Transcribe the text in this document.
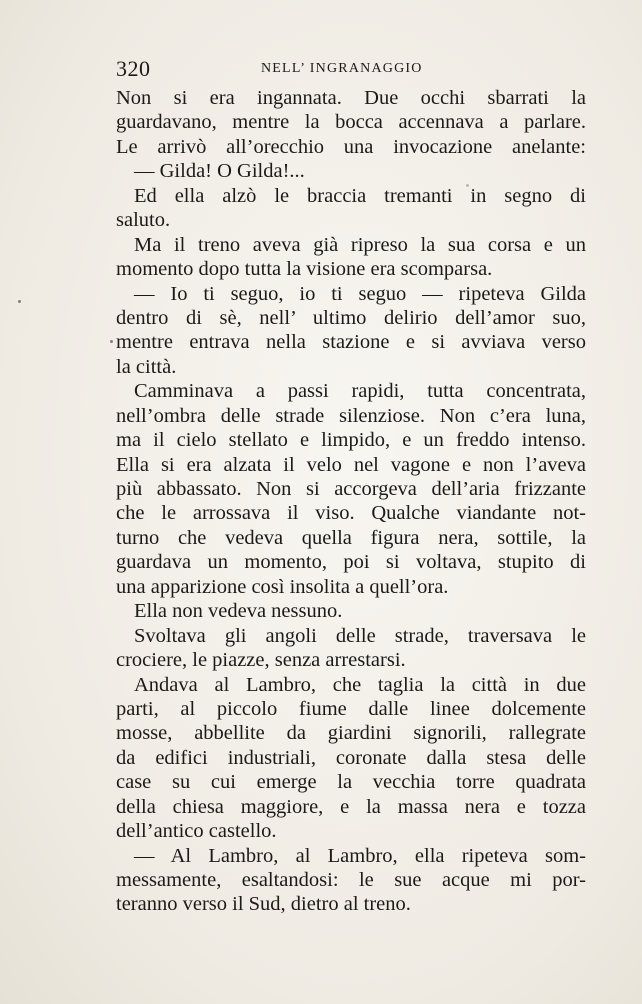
320	NELL’ INGRANAGGIO
Non si era ingannata. Due occhi sbarrati la
guardavano, mentre la bocca accennava a parlare.
Le arrivò all’orecchio una invocazione anelante:
— Gilda! O Gilda!...
Ed ella alzò le braccia tremanti in segno di
saluto.
Ma il treno aveva già ripreso la sua corsa e un
momento dopo tutta la visione era scomparsa.
— Io ti seguo, io ti seguo — ripeteva Gilda
dentro di sè, nell’ ultimo delirio dell’amor suo,
mentre entrava nella stazione e si avviava verso
la città.
Camminava a passi rapidi, tutta concentrata,
nell’ombra delle strade silenziose. Non c’era luna,
ma il cielo stellato e limpido, e un freddo intenso.
Ella si era alzata il velo nel vagone e non l’aveva
più abbassato. Non si accorgeva dell’aria frizzante
che le arrossava il viso. Qualche viandante not-
turno che vedeva quella figura nera, sottile, la
guardava un momento, poi si voltava, stupito di
una apparizione così insolita a quell’ora.
Ella non vedeva nessuno.
Svoltava gli angoli delle strade, traversava le
crociere, le piazze, senza arrestarsi.
Andava al Lambro, che taglia la città in due
parti, al piccolo fiume dalle linee dolcemente
mosse, abbellite da giardini signorili, rallegrate
da edifici industriali, coronate dalla stesa delle
case su cui emerge la vecchia torre quadrata
della chiesa maggiore, e la massa nera e tozza
dell’antico castello.
— Al Lambro, al Lambro, ella ripeteva som-
messamente, esaltandosi: le sue acque mi por-
teranno verso il Sud, dietro al treno.
